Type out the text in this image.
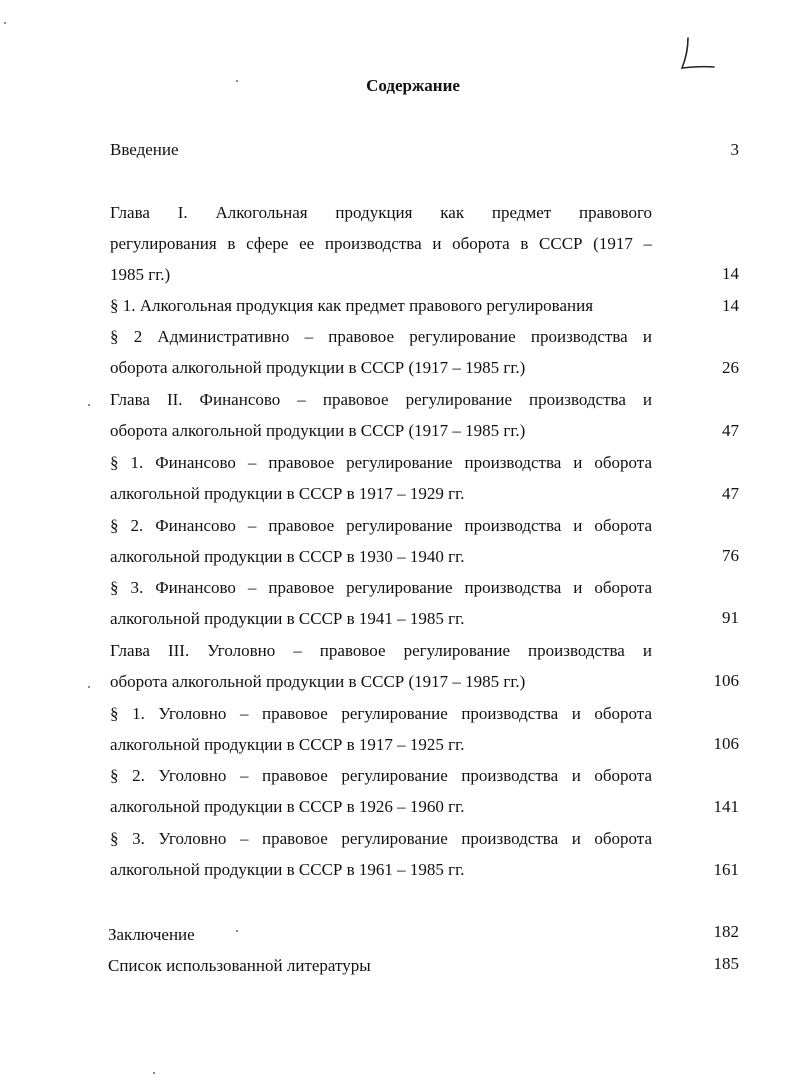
Содержание
Введение	3
Глава I. Алкогольная продукция как предмет правового
регулирования в сфере ее производства и оборота в СССР (1917 –
1985 гг.)	14
§ 1. Алкогольная продукция как предмет правового регулирования	14
§ 2 Административно – правовое регулирование производства и
оборота алкогольной продукции в СССР (1917 – 1985 гг.)	26
Глава II. Финансово – правовое регулирование производства и
оборота алкогольной продукции в СССР (1917 – 1985 гг.)	47
§ 1. Финансово – правовое регулирование производства и оборота
алкогольной продукции в СССР в 1917 – 1929 гг.	47
§ 2. Финансово – правовое регулирование производства и оборота
алкогольной продукции в СССР в 1930 – 1940 гг.	76
§ 3. Финансово – правовое регулирование производства и оборота
алкогольной продукции в СССР в 1941 – 1985 гг.	91
Глава III. Уголовно – правовое регулирование производства и
оборота алкогольной продукции в СССР (1917 – 1985 гг.)	106
§ 1. Уголовно – правовое регулирование производства и оборота
алкогольной продукции в СССР в 1917 – 1925 гг.	106
§ 2. Уголовно – правовое регулирование производства и оборота
алкогольной продукции в СССР в 1926 – 1960 гг.	141
§ 3. Уголовно – правовое регулирование производства и оборота
алкогольной продукции в СССР в 1961 – 1985 гг.	161
Заключение	182
Список использованной литературы	185
